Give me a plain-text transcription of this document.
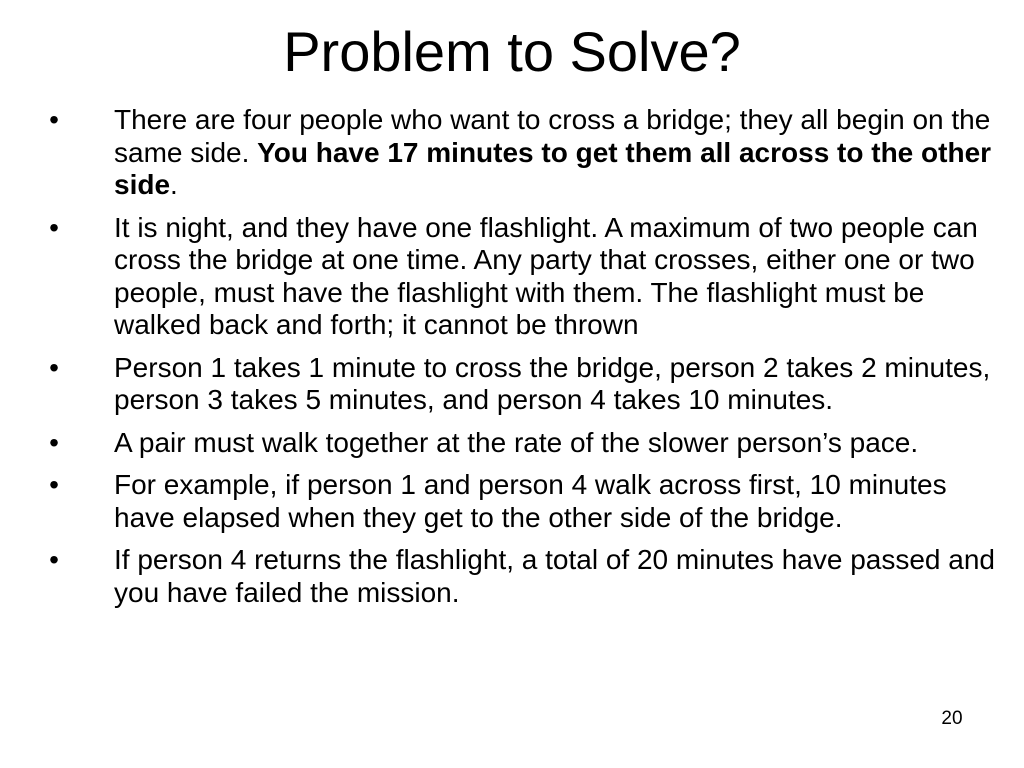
Problem to Solve?
• There are four people who want to cross a bridge; they all begin on the same side. You have 17 minutes to get them all across to the other side.
• It is night, and they have one flashlight. A maximum of two people can cross the bridge at one time. Any party that crosses, either one or two people, must have the flashlight with them. The flashlight must be walked back and forth; it cannot be thrown
• Person 1 takes 1 minute to cross the bridge, person 2 takes 2 minutes, person 3 takes 5 minutes, and person 4 takes 10 minutes.
• A pair must walk together at the rate of the slower person’s pace.
• For example, if person 1 and person 4 walk across first, 10 minutes have elapsed when they get to the other side of the bridge.
• If person 4 returns the flashlight, a total of 20 minutes have passed and you have failed the mission.
20
